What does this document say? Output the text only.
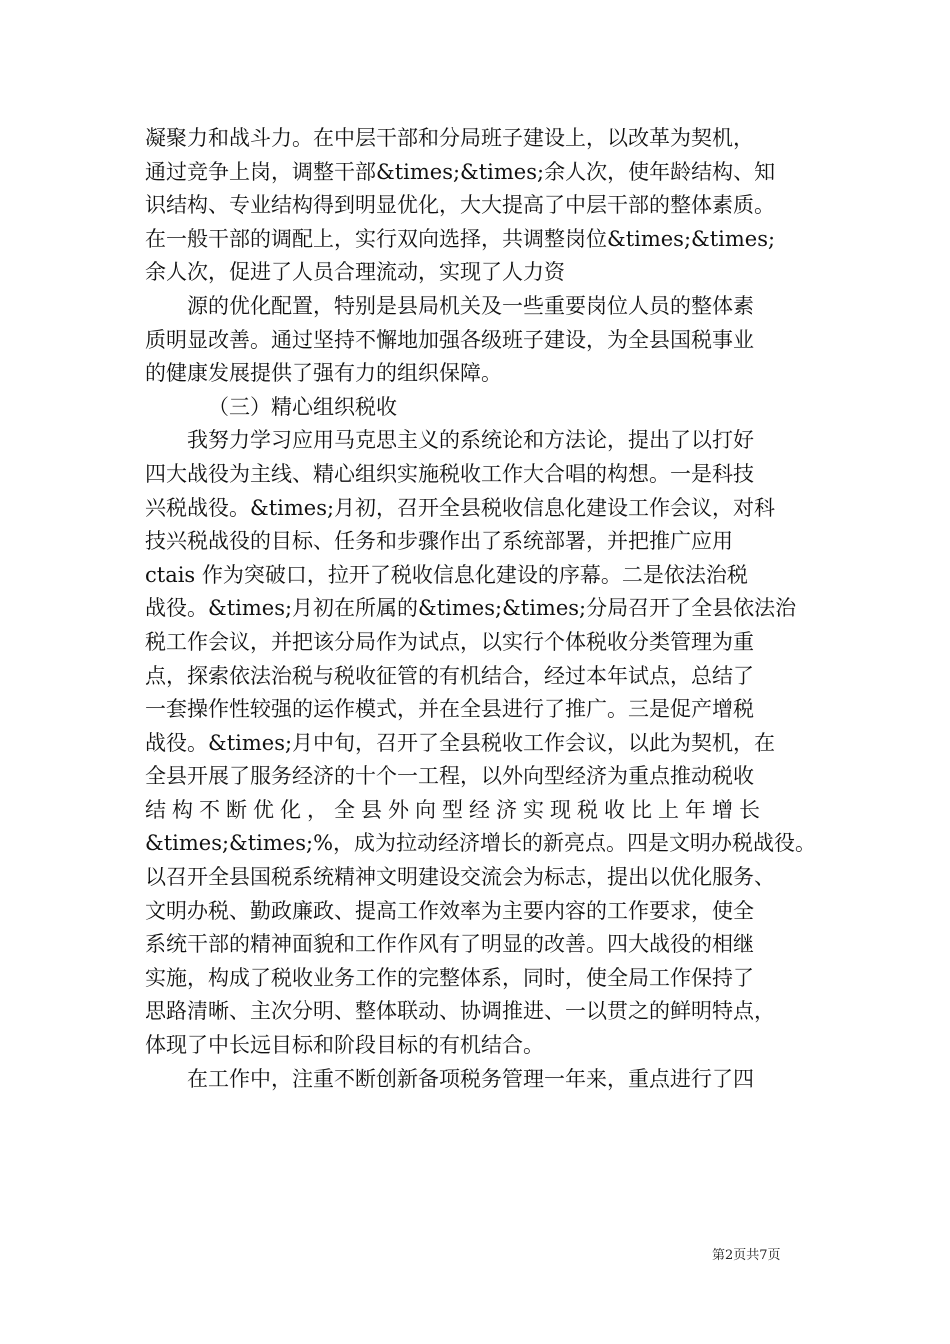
凝聚力和战斗力。在中层干部和分局班子建设上，以改革为契机，
通过竞争上岗，调整干部&times;&times;余人次，使年龄结构、知
识结构、专业结构得到明显优化，大大提高了中层干部的整体素质。
在一般干部的调配上，实行双向选择，共调整岗位&times;&times;
余人次，促进了人员合理流动，实现了人力资
源的优化配置，特别是县局机关及一些重要岗位人员的整体素
质明显改善。通过坚持不懈地加强各级班子建设，为全县国税事业
的健康发展提供了强有力的组织保障。
（三）精心组织税收
我努力学习应用马克思主义的系统论和方法论，提出了以打好
四大战役为主线、精心组织实施税收工作大合唱的构想。一是科技
兴税战役。&times;月初，召开全县税收信息化建设工作会议，对科
技兴税战役的目标、任务和步骤作出了系统部署，并把推广应用
ctais 作为突破口，拉开了税收信息化建设的序幕。二是依法治税
战役。&times;月初在所属的&times;&times;分局召开了全县依法治
税工作会议，并把该分局作为试点，以实行个体税收分类管理为重
点，探索依法治税与税收征管的有机结合，经过本年试点，总结了
一套操作性较强的运作模式，并在全县进行了推广。三是促产增税
战役。&times;月中旬，召开了全县税收工作会议，以此为契机，在
全县开展了服务经济的十个一工程，以外向型经济为重点推动税收
结构不断优化，全县外向型经济实现税收比上年增长
&times;&times;%，成为拉动经济增长的新亮点。四是文明办税战役。
以召开全县国税系统精神文明建设交流会为标志，提出以优化服务、
文明办税、勤政廉政、提高工作效率为主要内容的工作要求，使全
系统干部的精神面貌和工作作风有了明显的改善。四大战役的相继
实施，构成了税收业务工作的完整体系，同时，使全局工作保持了
思路清晰、主次分明、整体联动、协调推进、一以贯之的鲜明特点，
体现了中长远目标和阶段目标的有机结合。
在工作中，注重不断创新备项税务管理一年来，重点进行了四
第2页共7页
